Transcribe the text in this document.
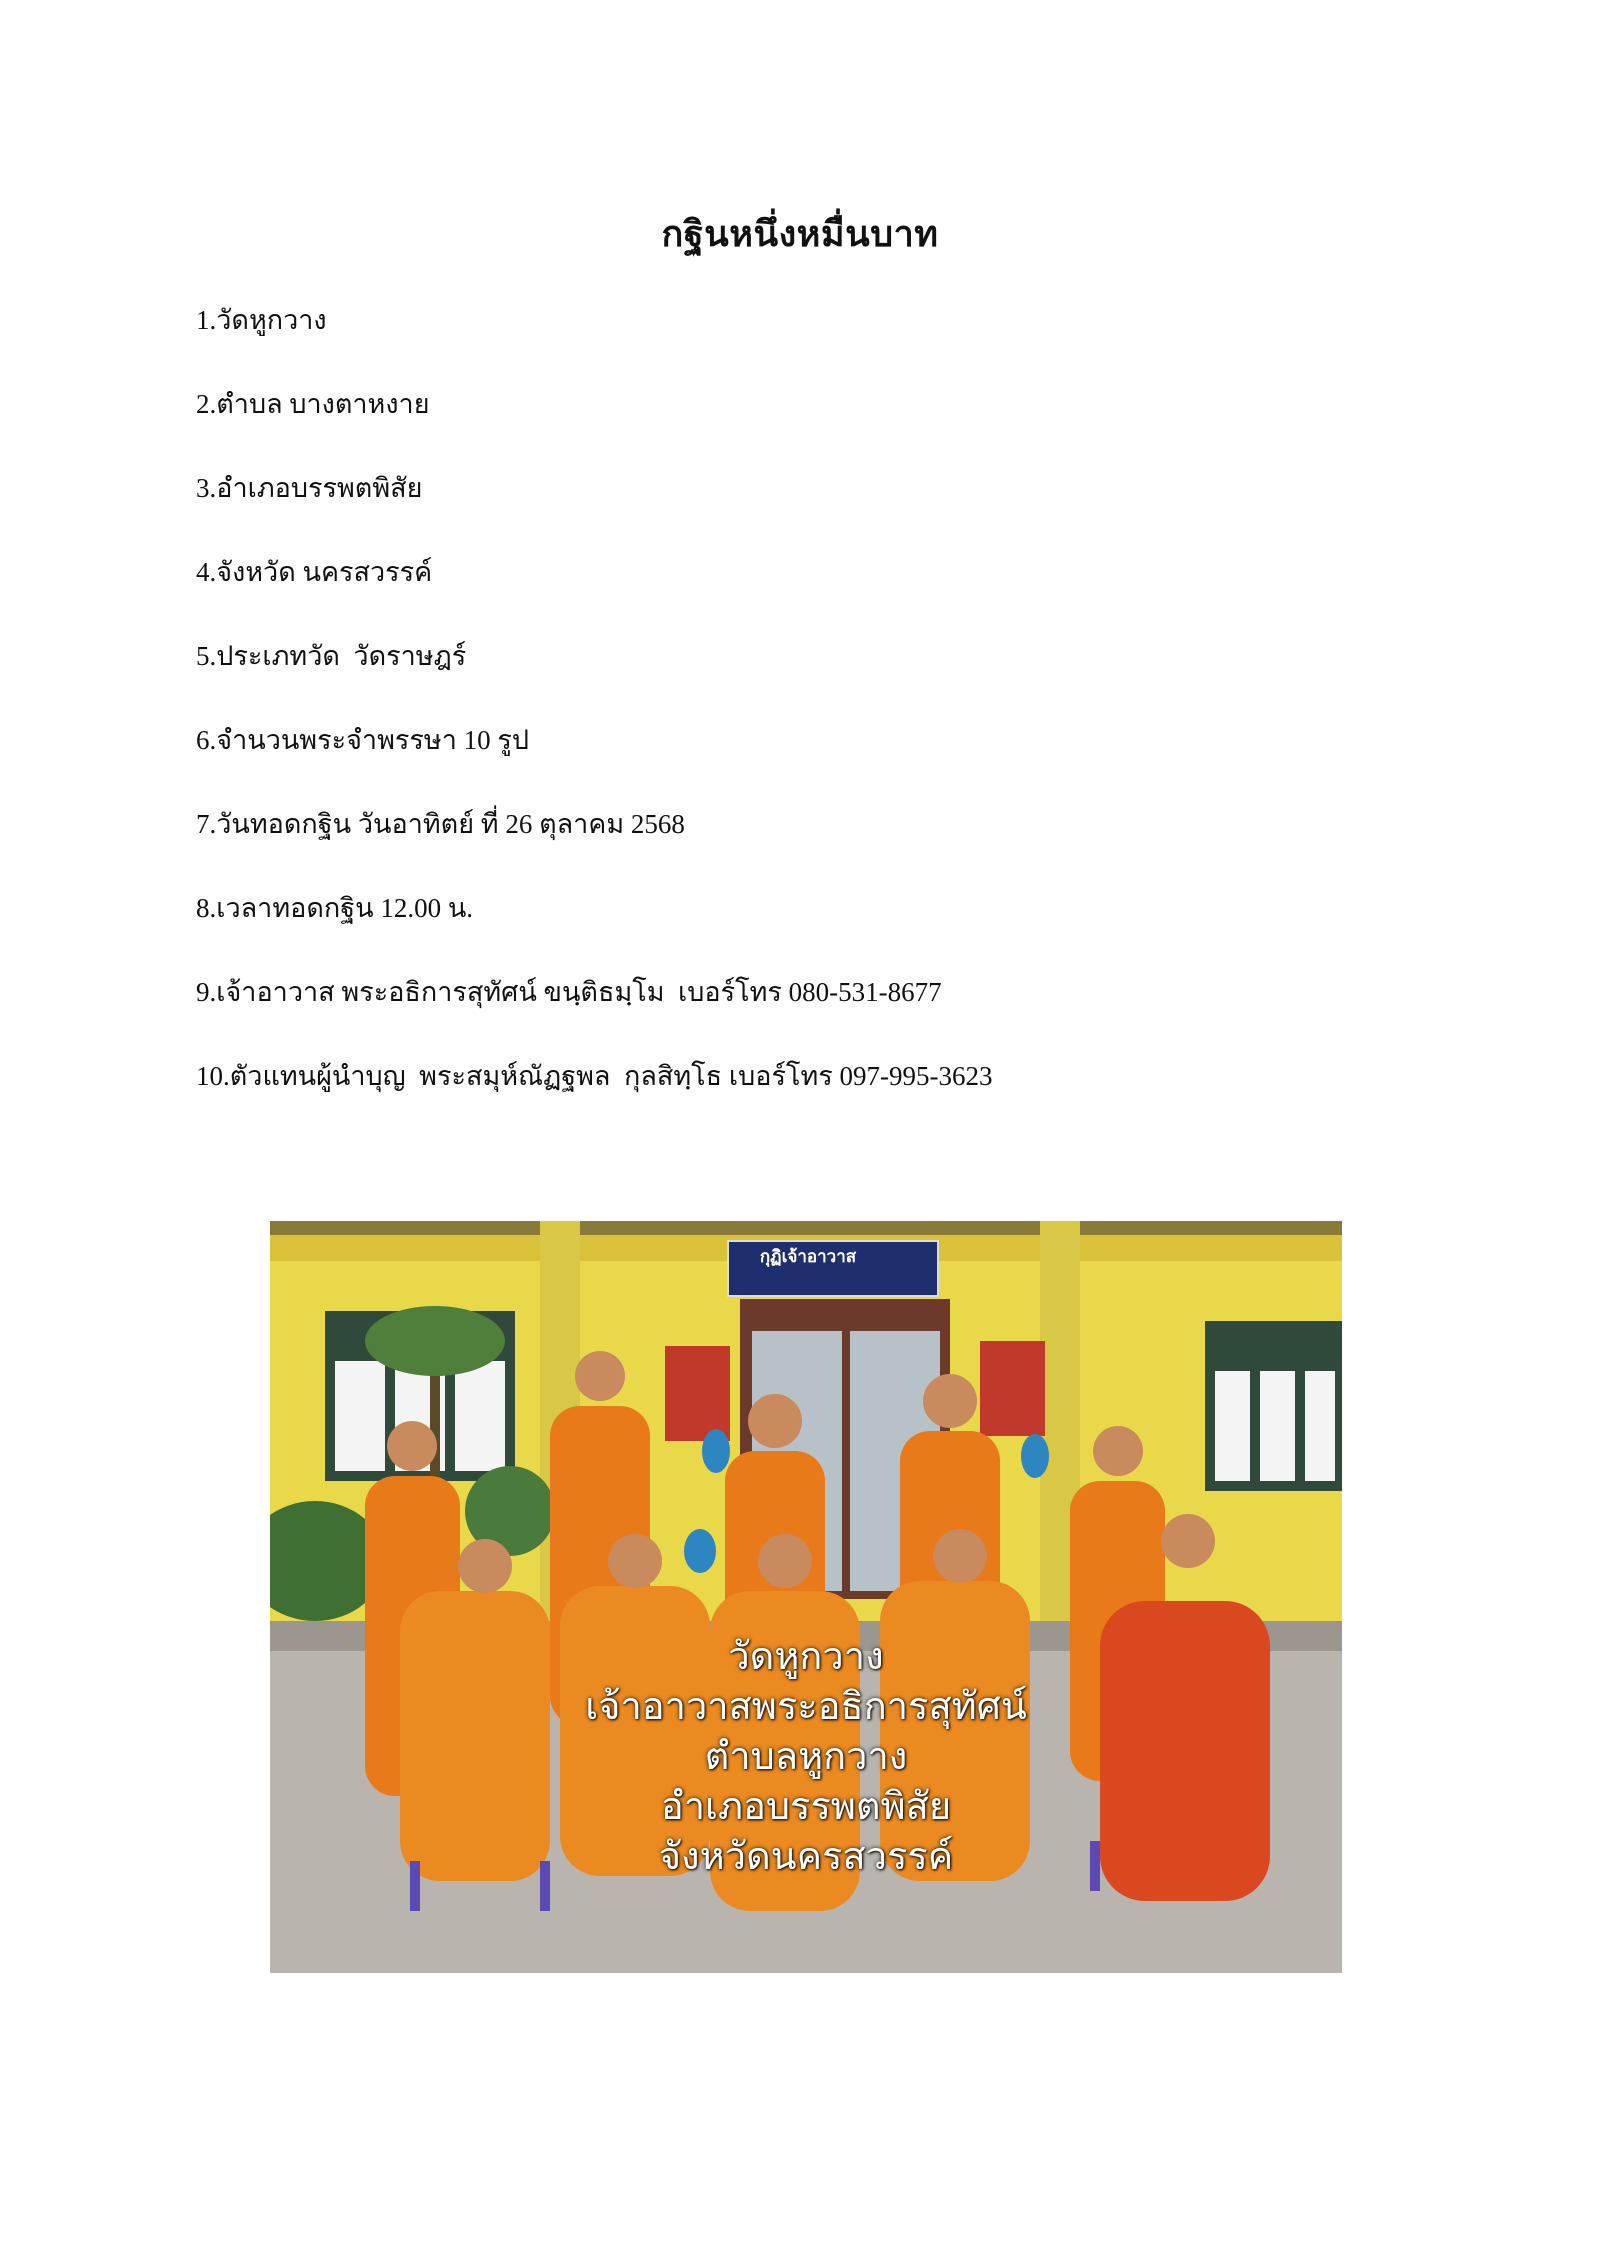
กฐินหนึ่งหมื่นบาท
1.วัดหูกวาง
2.ตำบล บางตาหงาย
3.อำเภอบรรพตพิสัย
4.จังหวัด นครสวรรค์
5.ประเภทวัด  วัดราษฎร์
6.จำนวนพระจำพรรษา 10 รูป
7.วันทอดกฐิน วันอาทิตย์ ที่ 26 ตุลาคม 2568
8.เวลาทอดกฐิน 12.00 น.
9.เจ้าอาวาส พระอธิการสุทัศน์ ขนฺติธมฺโม  เบอร์โทร 080-531-8677
10.ตัวแทนผู้นำบุญ  พระสมุห์ณัฏฐพล  กุลสิทฺโธ เบอร์โทร 097-995-3623
กุฏิเจ้าอาวาส
วัดหูกวาง
เจ้าอาวาสพระอธิการสุทัศน์
ตำบลหูกวาง
อำเภอบรรพตพิสัย
จังหวัดนครสวรรค์
